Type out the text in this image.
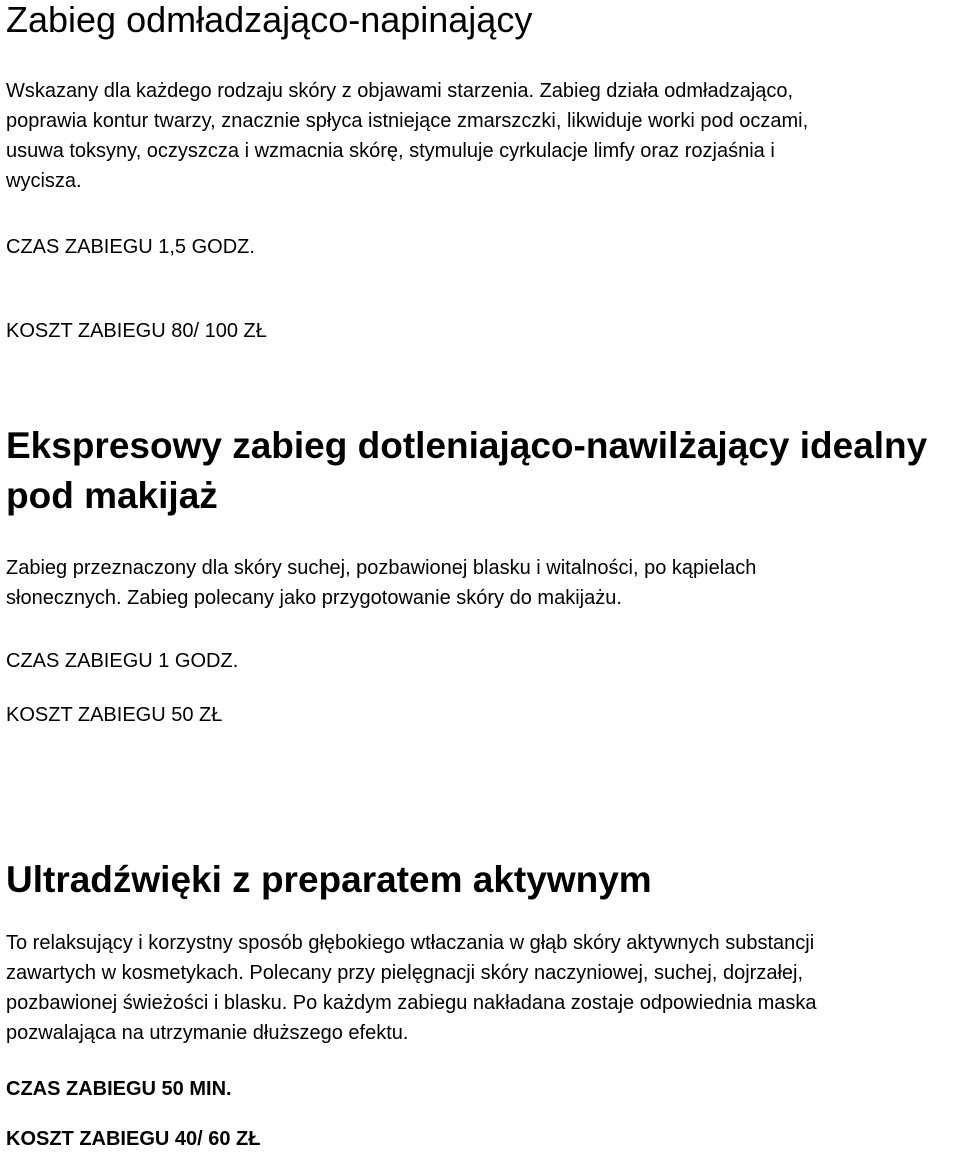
Zabieg odmładzająco-napinający
Wskazany dla każdego rodzaju skóry z objawami starzenia. Zabieg działa odmładzająco,
poprawia kontur twarzy, znacznie spłyca istniejące zmarszczki, likwiduje worki pod oczami,
usuwa toksyny, oczyszcza i wzmacnia skórę, stymuluje cyrkulacje limfy oraz rozjaśnia i
wycisza.
CZAS ZABIEGU 1,5 GODZ.
KOSZT ZABIEGU 80/ 100 ZŁ
Ekspresowy zabieg dotleniająco-nawilżający idealny
pod makijaż
Zabieg przeznaczony dla skóry suchej, pozbawionej blasku i witalności, po kąpielach
słonecznych. Zabieg polecany jako przygotowanie skóry do makijażu.
CZAS ZABIEGU 1 GODZ.
KOSZT ZABIEGU 50 ZŁ
Ultradźwięki z preparatem aktywnym
To relaksujący i korzystny sposób głębokiego wtłaczania w głąb skóry aktywnych substancji
zawartych w kosmetykach. Polecany przy pielęgnacji skóry naczyniowej, suchej, dojrzałej,
pozbawionej świeżości i blasku. Po każdym zabiegu nakładana zostaje odpowiednia maska
pozwalająca na utrzymanie dłuższego efektu.
CZAS ZABIEGU 50 MIN.
KOSZT ZABIEGU 40/ 60 ZŁ
